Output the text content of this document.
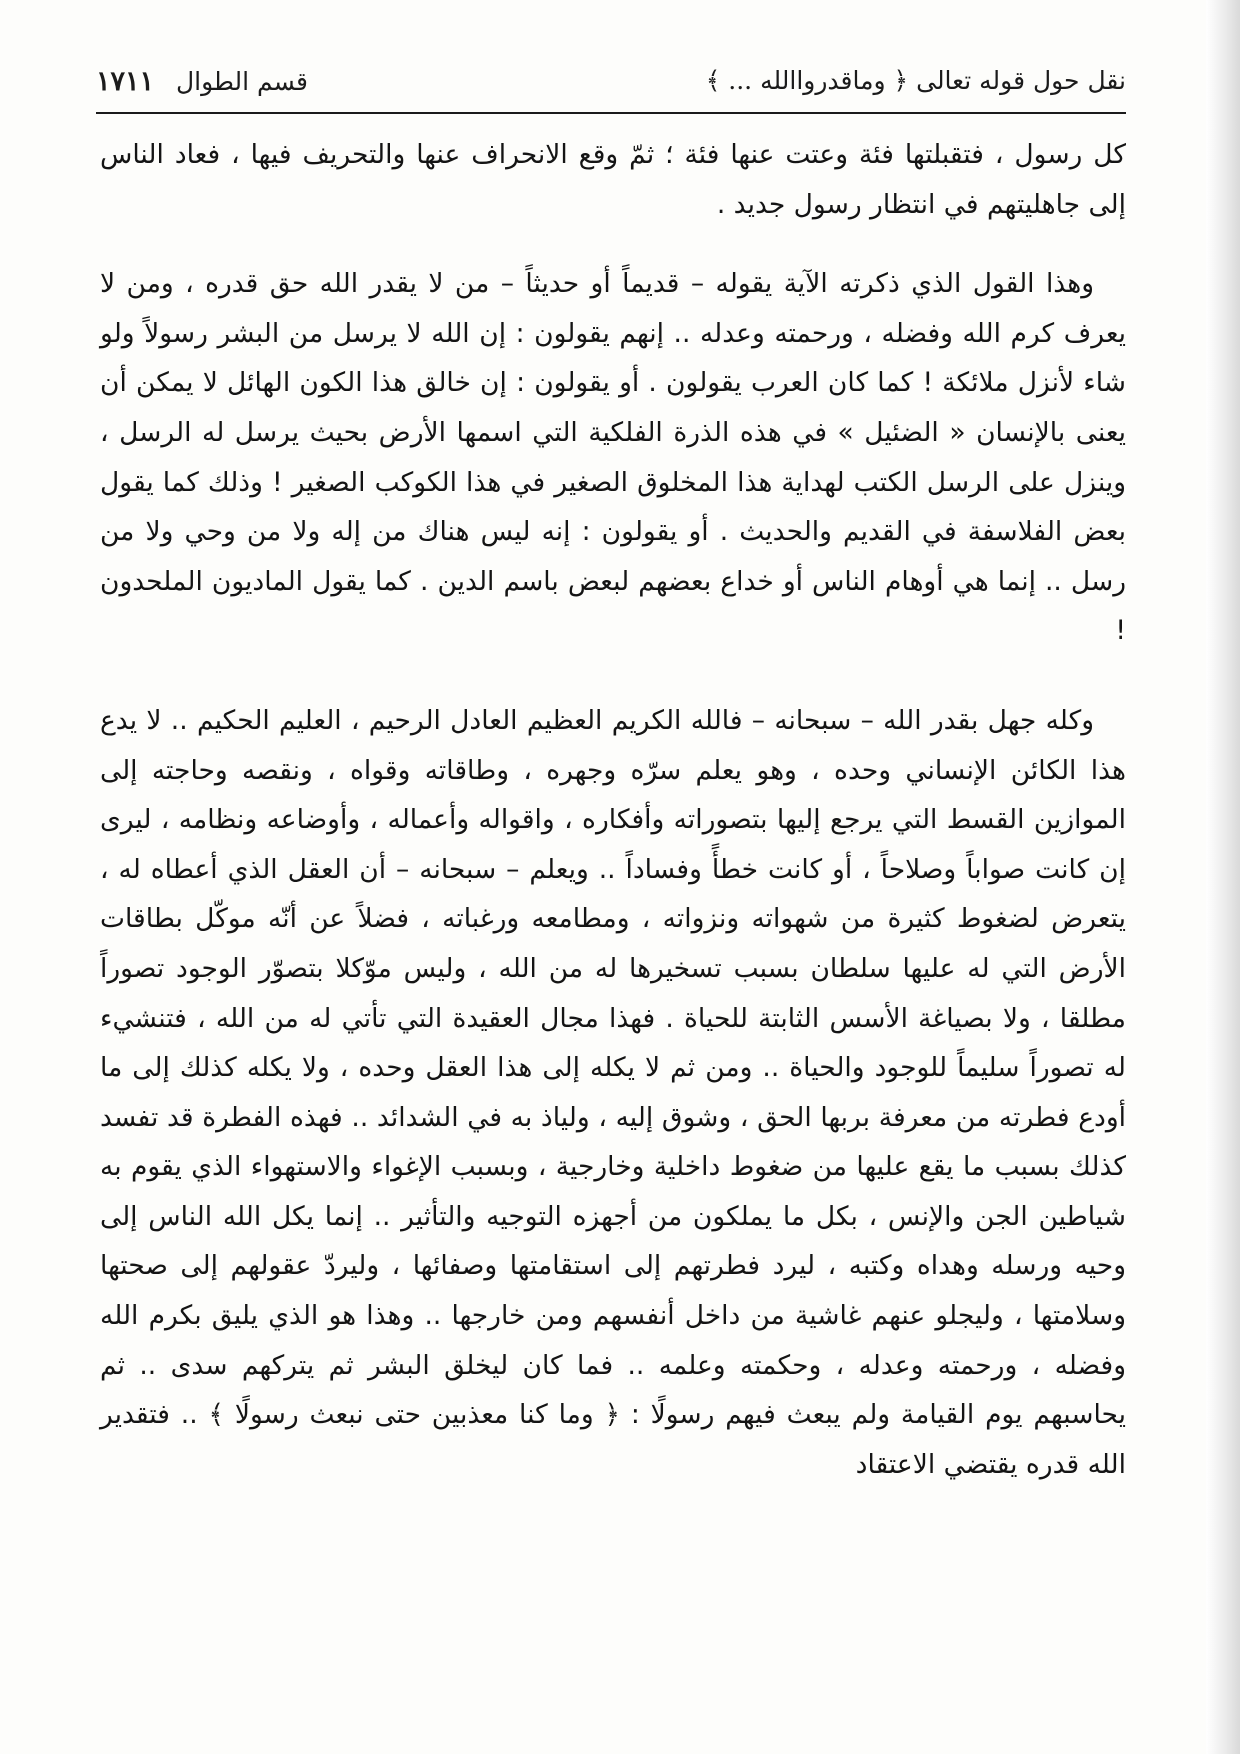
نقل حول قوله تعالى ﴿ وماقدرواالله ... ﴾
قسم الطوال١٧١١

كل رسول ، فتقبلتها فئة وعتت عنها فئة ؛ ثمّ وقع الانحراف عنها والتحريف فيها ، فعاد الناس إلى جاهليتهم في انتظار رسول جديد .

وهذا القول الذي ذكرته الآية يقوله – قديماً أو حديثاً – من لا يقدر الله حق قدره ، ومن لا يعرف كرم الله وفضله ، ورحمته وعدله .. إنهم يقولون : إن الله لا يرسل من البشر رسولاً ولو شاء لأنزل ملائكة ! كما كان العرب يقولون . أو يقولون : إن خالق هذا الكون الهائل لا يمكن أن يعنى بالإنسان « الضئيل » في هذه الذرة الفلكية التي اسمها الأرض بحيث يرسل له الرسل ، وينزل على الرسل الكتب لهداية هذا المخلوق الصغير في هذا الكوكب الصغير ! وذلك كما يقول بعض الفلاسفة في القديم والحديث . أو يقولون : إنه ليس هناك من إله ولا من وحي ولا من رسل .. إنما هي أوهام الناس أو خداع بعضهم لبعض باسم الدين . كما يقول الماديون الملحدون !

وكله جهل بقدر الله – سبحانه – فالله الكريم العظيم العادل الرحيم ، العليم الحكيم .. لا يدع هذا الكائن الإنساني وحده ، وهو يعلم سرّه وجهره ، وطاقاته وقواه ، ونقصه وحاجته إلى الموازين القسط التي يرجع إليها بتصوراته وأفكاره ، واقواله وأعماله ، وأوضاعه ونظامه ، ليرى إن كانت صواباً وصلاحاً ، أو كانت خطأً وفساداً .. ويعلم – سبحانه – أن العقل الذي أعطاه له ، يتعرض لضغوط كثيرة من شهواته ونزواته ، ومطامعه ورغباته ، فضلاً عن أنّه موكّل بطاقات الأرض التي له عليها سلطان بسبب تسخيرها له من الله ، وليس موّكلا بتصوّر الوجود تصوراً مطلقا ، ولا بصياغة الأسس الثابتة للحياة . فهذا مجال العقيدة التي تأتي له من الله ، فتنشيء له تصوراً سليماً للوجود والحياة .. ومن ثم لا يكله إلى هذا العقل وحده ، ولا يكله كذلك إلى ما أودع فطرته من معرفة بربها الحق ، وشوق إليه ، ولياذ به في الشدائد .. فهذه الفطرة قد تفسد كذلك بسبب ما يقع عليها من ضغوط داخلية وخارجية ، وبسبب الإغواء والاستهواء الذي يقوم به شياطين الجن والإنس ، بكل ما يملكون من أجهزه التوجيه والتأثير .. إنما يكل الله الناس إلى وحيه ورسله وهداه وكتبه ، ليرد فطرتهم إلى استقامتها وصفائها ، وليردّ عقولهم إلى صحتها وسلامتها ، وليجلو عنهم غاشية من داخل أنفسهم ومن خارجها .. وهذا هو الذي يليق بكرم الله وفضله ، ورحمته وعدله ، وحكمته وعلمه .. فما كان ليخلق البشر ثم يتركهم سدى .. ثم يحاسبهم يوم القيامة ولم يبعث فيهم رسولًا : ﴿ وما كنا معذبين حتى نبعث رسولًا ﴾ .. فتقدير الله قدره يقتضي الاعتقاد
